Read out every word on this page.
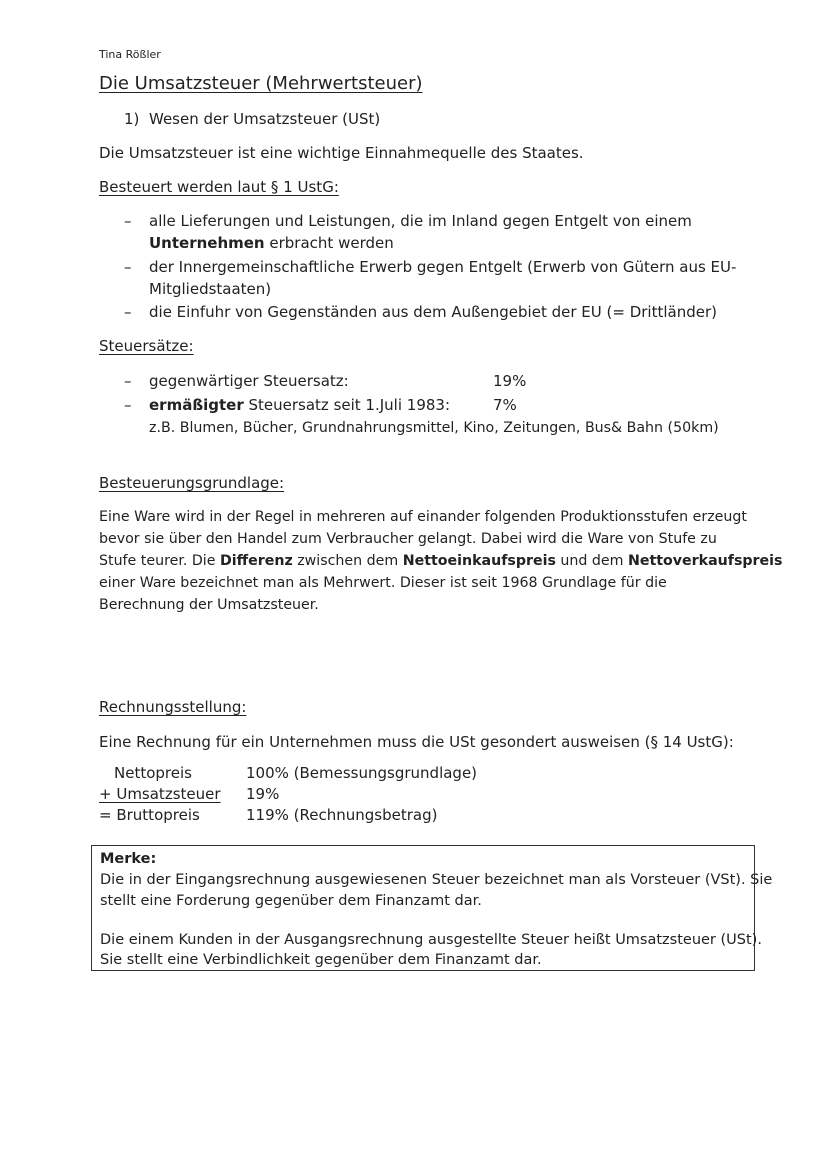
Tina Rößler
Die Umsatzsteuer (Mehrwertsteuer)
1) Wesen der Umsatzsteuer (USt)
Die Umsatzsteuer ist eine wichtige Einnahmequelle des Staates.
Besteuert werden laut § 1 UstG:
– alle Lieferungen und Leistungen, die im Inland gegen Entgelt von einem
Unternehmen erbracht werden
– der Innergemeinschaftliche Erwerb gegen Entgelt (Erwerb von Gütern aus EU-
Mitgliedstaaten)
– die Einfuhr von Gegenständen aus dem Außengebiet der EU (= Drittländer)
Steuersätze:
– gegenwärtiger Steuersatz:	19%
– ermäßigter Steuersatz seit 1.Juli 1983:	7%
z.B. Blumen, Bücher, Grundnahrungsmittel, Kino, Zeitungen, Bus& Bahn (50km)
Besteuerungsgrundlage:
Eine Ware wird in der Regel in mehreren auf einander folgenden Produktionsstufen erzeugt
bevor sie über den Handel zum Verbraucher gelangt. Dabei wird die Ware von Stufe zu
Stufe teurer. Die Differenz zwischen dem Nettoeinkaufspreis und dem Nettoverkaufspreis
einer Ware bezeichnet man als Mehrwert. Dieser ist seit 1968 Grundlage für die
Berechnung der Umsatzsteuer.
Rechnungsstellung:
Eine Rechnung für ein Unternehmen muss die USt gesondert ausweisen (§ 14 UstG):
Nettopreis	100% (Bemessungsgrundlage)
+ Umsatzsteuer 19%
= Bruttopreis	119% (Rechnungsbetrag)
Merke:
Die in der Eingangsrechnung ausgewiesenen Steuer bezeichnet man als Vorsteuer (VSt). Sie
stellt eine Forderung gegenüber dem Finanzamt dar.
Die einem Kunden in der Ausgangsrechnung ausgestellte Steuer heißt Umsatzsteuer (USt).
Sie stellt eine Verbindlichkeit gegenüber dem Finanzamt dar.
